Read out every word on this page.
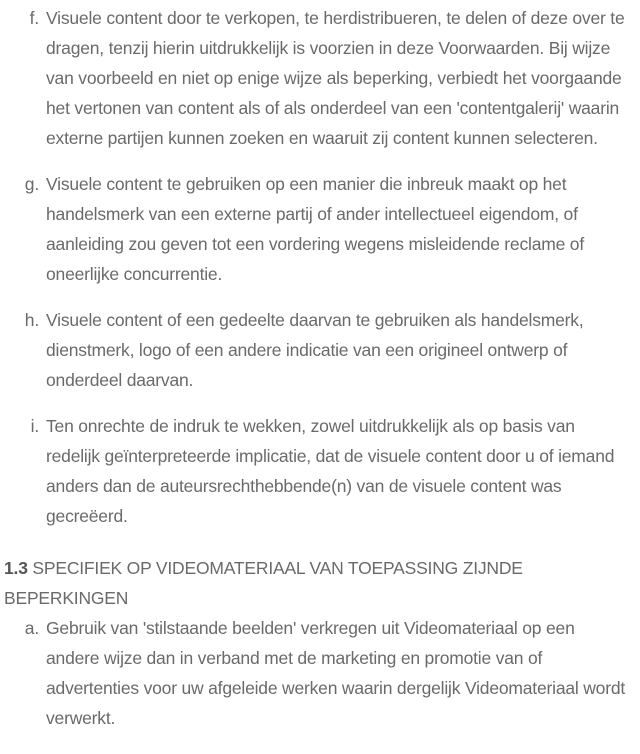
f. Visuele content door te verkopen, te herdistribueren, te delen of deze over te dragen, tenzij hierin uitdrukkelijk is voorzien in deze Voorwaarden. Bij wijze van voorbeeld en niet op enige wijze als beperking, verbiedt het voorgaande het vertonen van content als of als onderdeel van een 'contentgalerij' waarin externe partijen kunnen zoeken en waaruit zij content kunnen selecteren.
g. Visuele content te gebruiken op een manier die inbreuk maakt op het handelsmerk van een externe partij of ander intellectueel eigendom, of aanleiding zou geven tot een vordering wegens misleidende reclame of oneerlijke concurrentie.
h. Visuele content of een gedeelte daarvan te gebruiken als handelsmerk, dienstmerk, logo of een andere indicatie van een origineel ontwerp of onderdeel daarvan.
i. Ten onrechte de indruk te wekken, zowel uitdrukkelijk als op basis van redelijk geïnterpreteerde implicatie, dat de visuele content door u of iemand anders dan de auteursrechthebbende(n) van de visuele content was gecreëerd.
1.3 SPECIFIEK OP VIDEOMATERIAAL VAN TOEPASSING ZIJNDE BEPERKINGEN
a. Gebruik van 'stilstaande beelden' verkregen uit Videomateriaal op een andere wijze dan in verband met de marketing en promotie van of advertenties voor uw afgeleide werken waarin dergelijk Videomateriaal wordt verwerkt.
